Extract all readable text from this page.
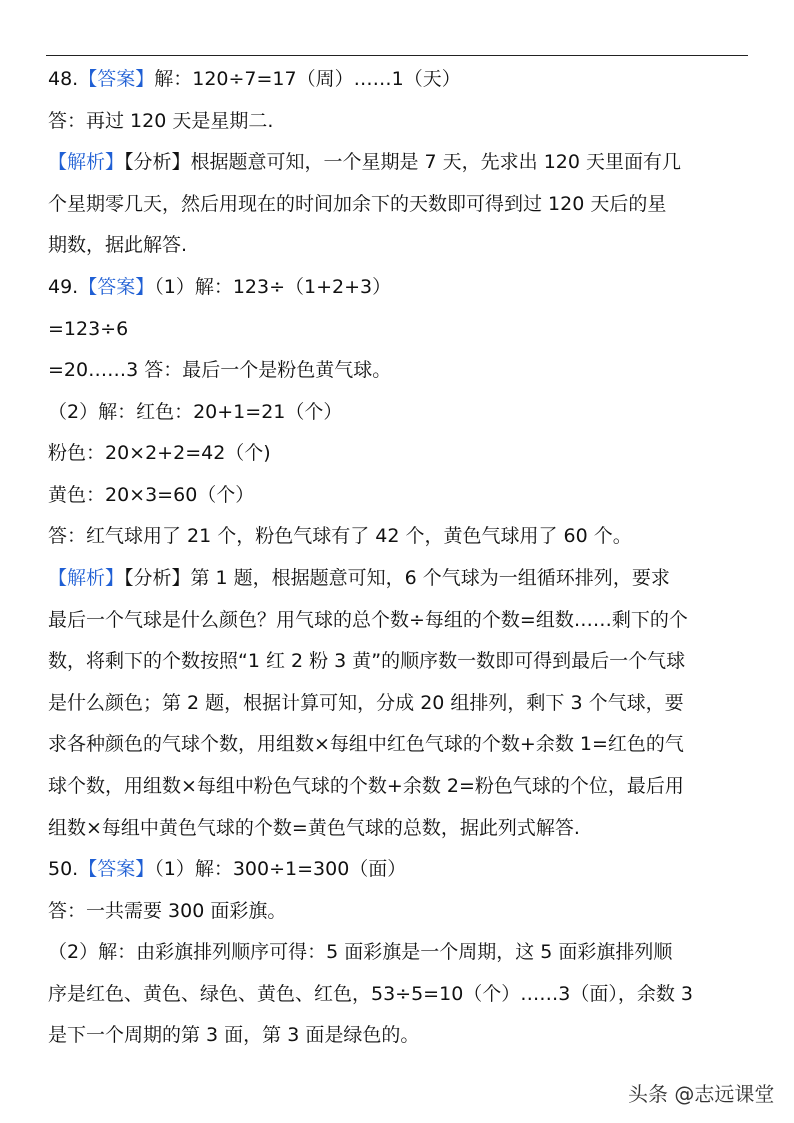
48.【答案】解：120÷7=17（周）……1（天）
答：再过 120 天是星期二.
【解析】【分析】根据题意可知，一个星期是 7 天，先求出 120 天里面有几
个星期零几天，然后用现在的时间加余下的天数即可得到过 120 天后的星
期数，据此解答.
49.【答案】（1）解：123÷（1+2+3）
=123÷6
=20……3 答：最后一个是粉色黄气球。
（2）解：红色：20+1=21（个）
粉色：20×2+2=42（个)
黄色：20×3=60（个）
答：红气球用了 21 个，粉色气球有了 42 个，黄色气球用了 60 个。
【解析】【分析】第 1 题，根据题意可知，6 个气球为一组循环排列，要求
最后一个气球是什么颜色？用气球的总个数÷每组的个数=组数……剩下的个
数，将剩下的个数按照“1 红 2 粉 3 黄”的顺序数一数即可得到最后一个气球
是什么颜色；第 2 题，根据计算可知，分成 20 组排列，剩下 3 个气球，要
求各种颜色的气球个数，用组数×每组中红色气球的个数+余数 1=红色的气
球个数，用组数×每组中粉色气球的个数+余数 2=粉色气球的个位，最后用
组数×每组中黄色气球的个数=黄色气球的总数，据此列式解答.
50.【答案】（1）解：300÷1=300（面）
答：一共需要 300 面彩旗。
（2）解：由彩旗排列顺序可得：5 面彩旗是一个周期，这 5 面彩旗排列顺
序是红色、黄色、绿色、黄色、红色，53÷5=10（个）……3（面），余数 3
是下一个周期的第 3 面，第 3 面是绿色的。
头条 @志远课堂
